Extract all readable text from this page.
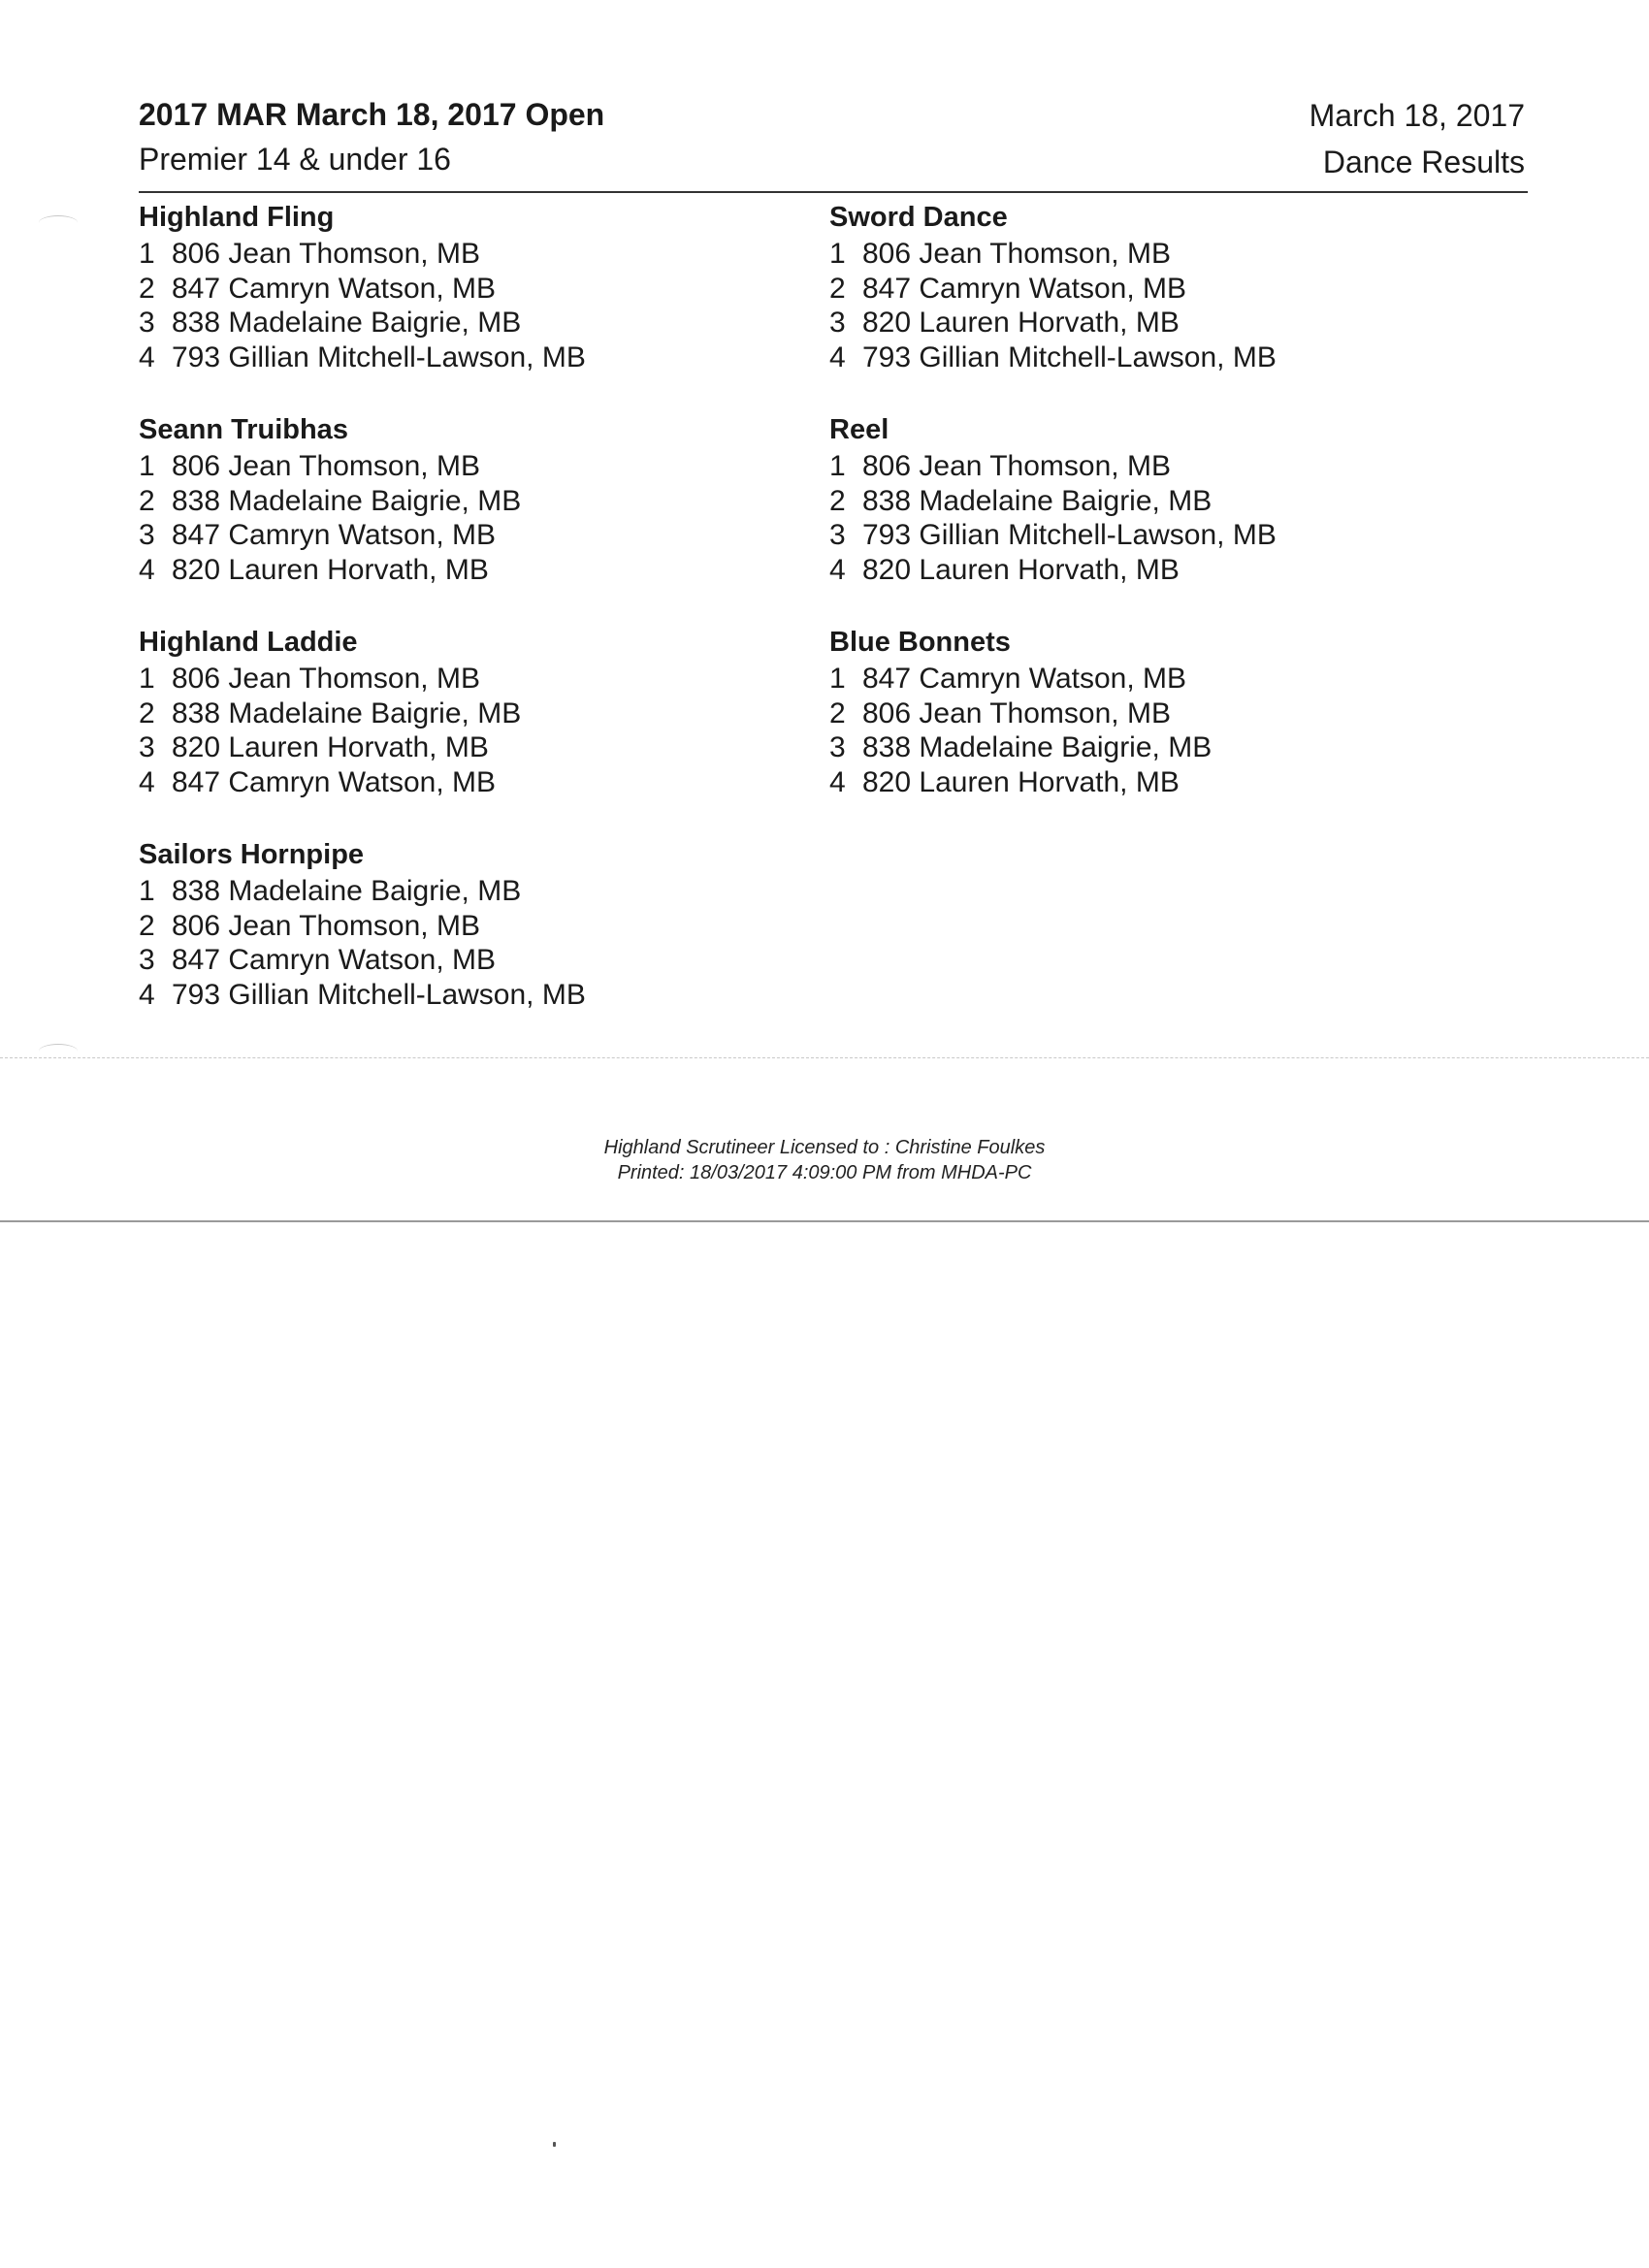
2017 MAR March 18, 2017 Open
Premier 14 & under 16
March 18, 2017
Dance Results
Highland Fling
1 806 Jean Thomson, MB
2 847 Camryn Watson, MB
3 838 Madelaine Baigrie, MB
4 793 Gillian Mitchell-Lawson, MB
Seann Truibhas
1 806 Jean Thomson, MB
2 838 Madelaine Baigrie, MB
3 847 Camryn Watson, MB
4 820 Lauren Horvath, MB
Highland Laddie
1 806 Jean Thomson, MB
2 838 Madelaine Baigrie, MB
3 820 Lauren Horvath, MB
4 847 Camryn Watson, MB
Sailors Hornpipe
1 838 Madelaine Baigrie, MB
2 806 Jean Thomson, MB
3 847 Camryn Watson, MB
4 793 Gillian Mitchell-Lawson, MB
Sword Dance
1 806 Jean Thomson, MB
2 847 Camryn Watson, MB
3 820 Lauren Horvath, MB
4 793 Gillian Mitchell-Lawson, MB
Reel
1 806 Jean Thomson, MB
2 838 Madelaine Baigrie, MB
3 793 Gillian Mitchell-Lawson, MB
4 820 Lauren Horvath, MB
Blue Bonnets
1 847 Camryn Watson, MB
2 806 Jean Thomson, MB
3 838 Madelaine Baigrie, MB
4 820 Lauren Horvath, MB
Highland Scrutineer Licensed to : Christine Foulkes
Printed: 18/03/2017 4:09:00 PM from MHDA-PC
